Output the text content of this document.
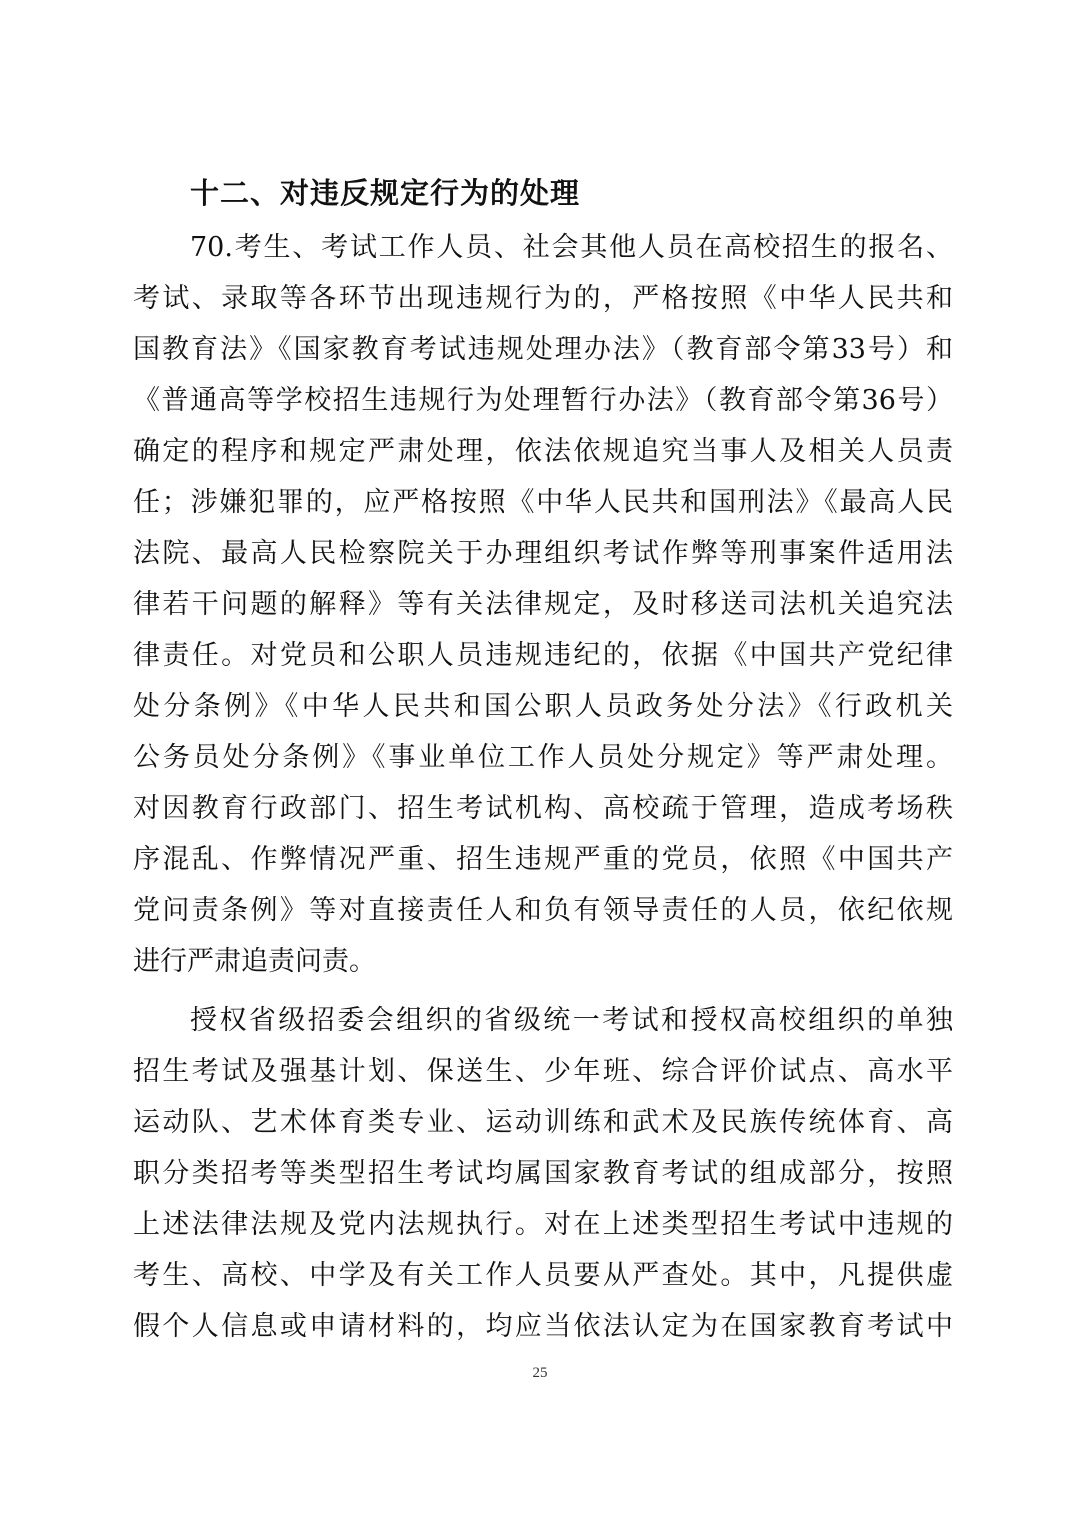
十二、对违反规定行为的处理
70.考生、考试工作人员、社会其他人员在高校招生的报名、
考试、录取等各环节出现违规行为的，严格按照《中华人民共和
国教育法》《国家教育考试违规处理办法》（教育部令第33号）和
《普通高等学校招生违规行为处理暂行办法》（教育部令第36号）
确定的程序和规定严肃处理，依法依规追究当事人及相关人员责
任；涉嫌犯罪的，应严格按照《中华人民共和国刑法》《最高人民
法院、最高人民检察院关于办理组织考试作弊等刑事案件适用法
律若干问题的解释》等有关法律规定，及时移送司法机关追究法
律责任。对党员和公职人员违规违纪的，依据《中国共产党纪律
处分条例》《中华人民共和国公职人员政务处分法》《行政机关
公务员处分条例》《事业单位工作人员处分规定》等严肃处理。
对因教育行政部门、招生考试机构、高校疏于管理，造成考场秩
序混乱、作弊情况严重、招生违规严重的党员，依照《中国共产
党问责条例》等对直接责任人和负有领导责任的人员，依纪依规
进行严肃追责问责。
授权省级招委会组织的省级统一考试和授权高校组织的单独
招生考试及强基计划、保送生、少年班、综合评价试点、高水平
运动队、艺术体育类专业、运动训练和武术及民族传统体育、高
职分类招考等类型招生考试均属国家教育考试的组成部分，按照
上述法律法规及党内法规执行。对在上述类型招生考试中违规的
考生、高校、中学及有关工作人员要从严查处。其中，凡提供虚
假个人信息或申请材料的，均应当依法认定为在国家教育考试中
25
